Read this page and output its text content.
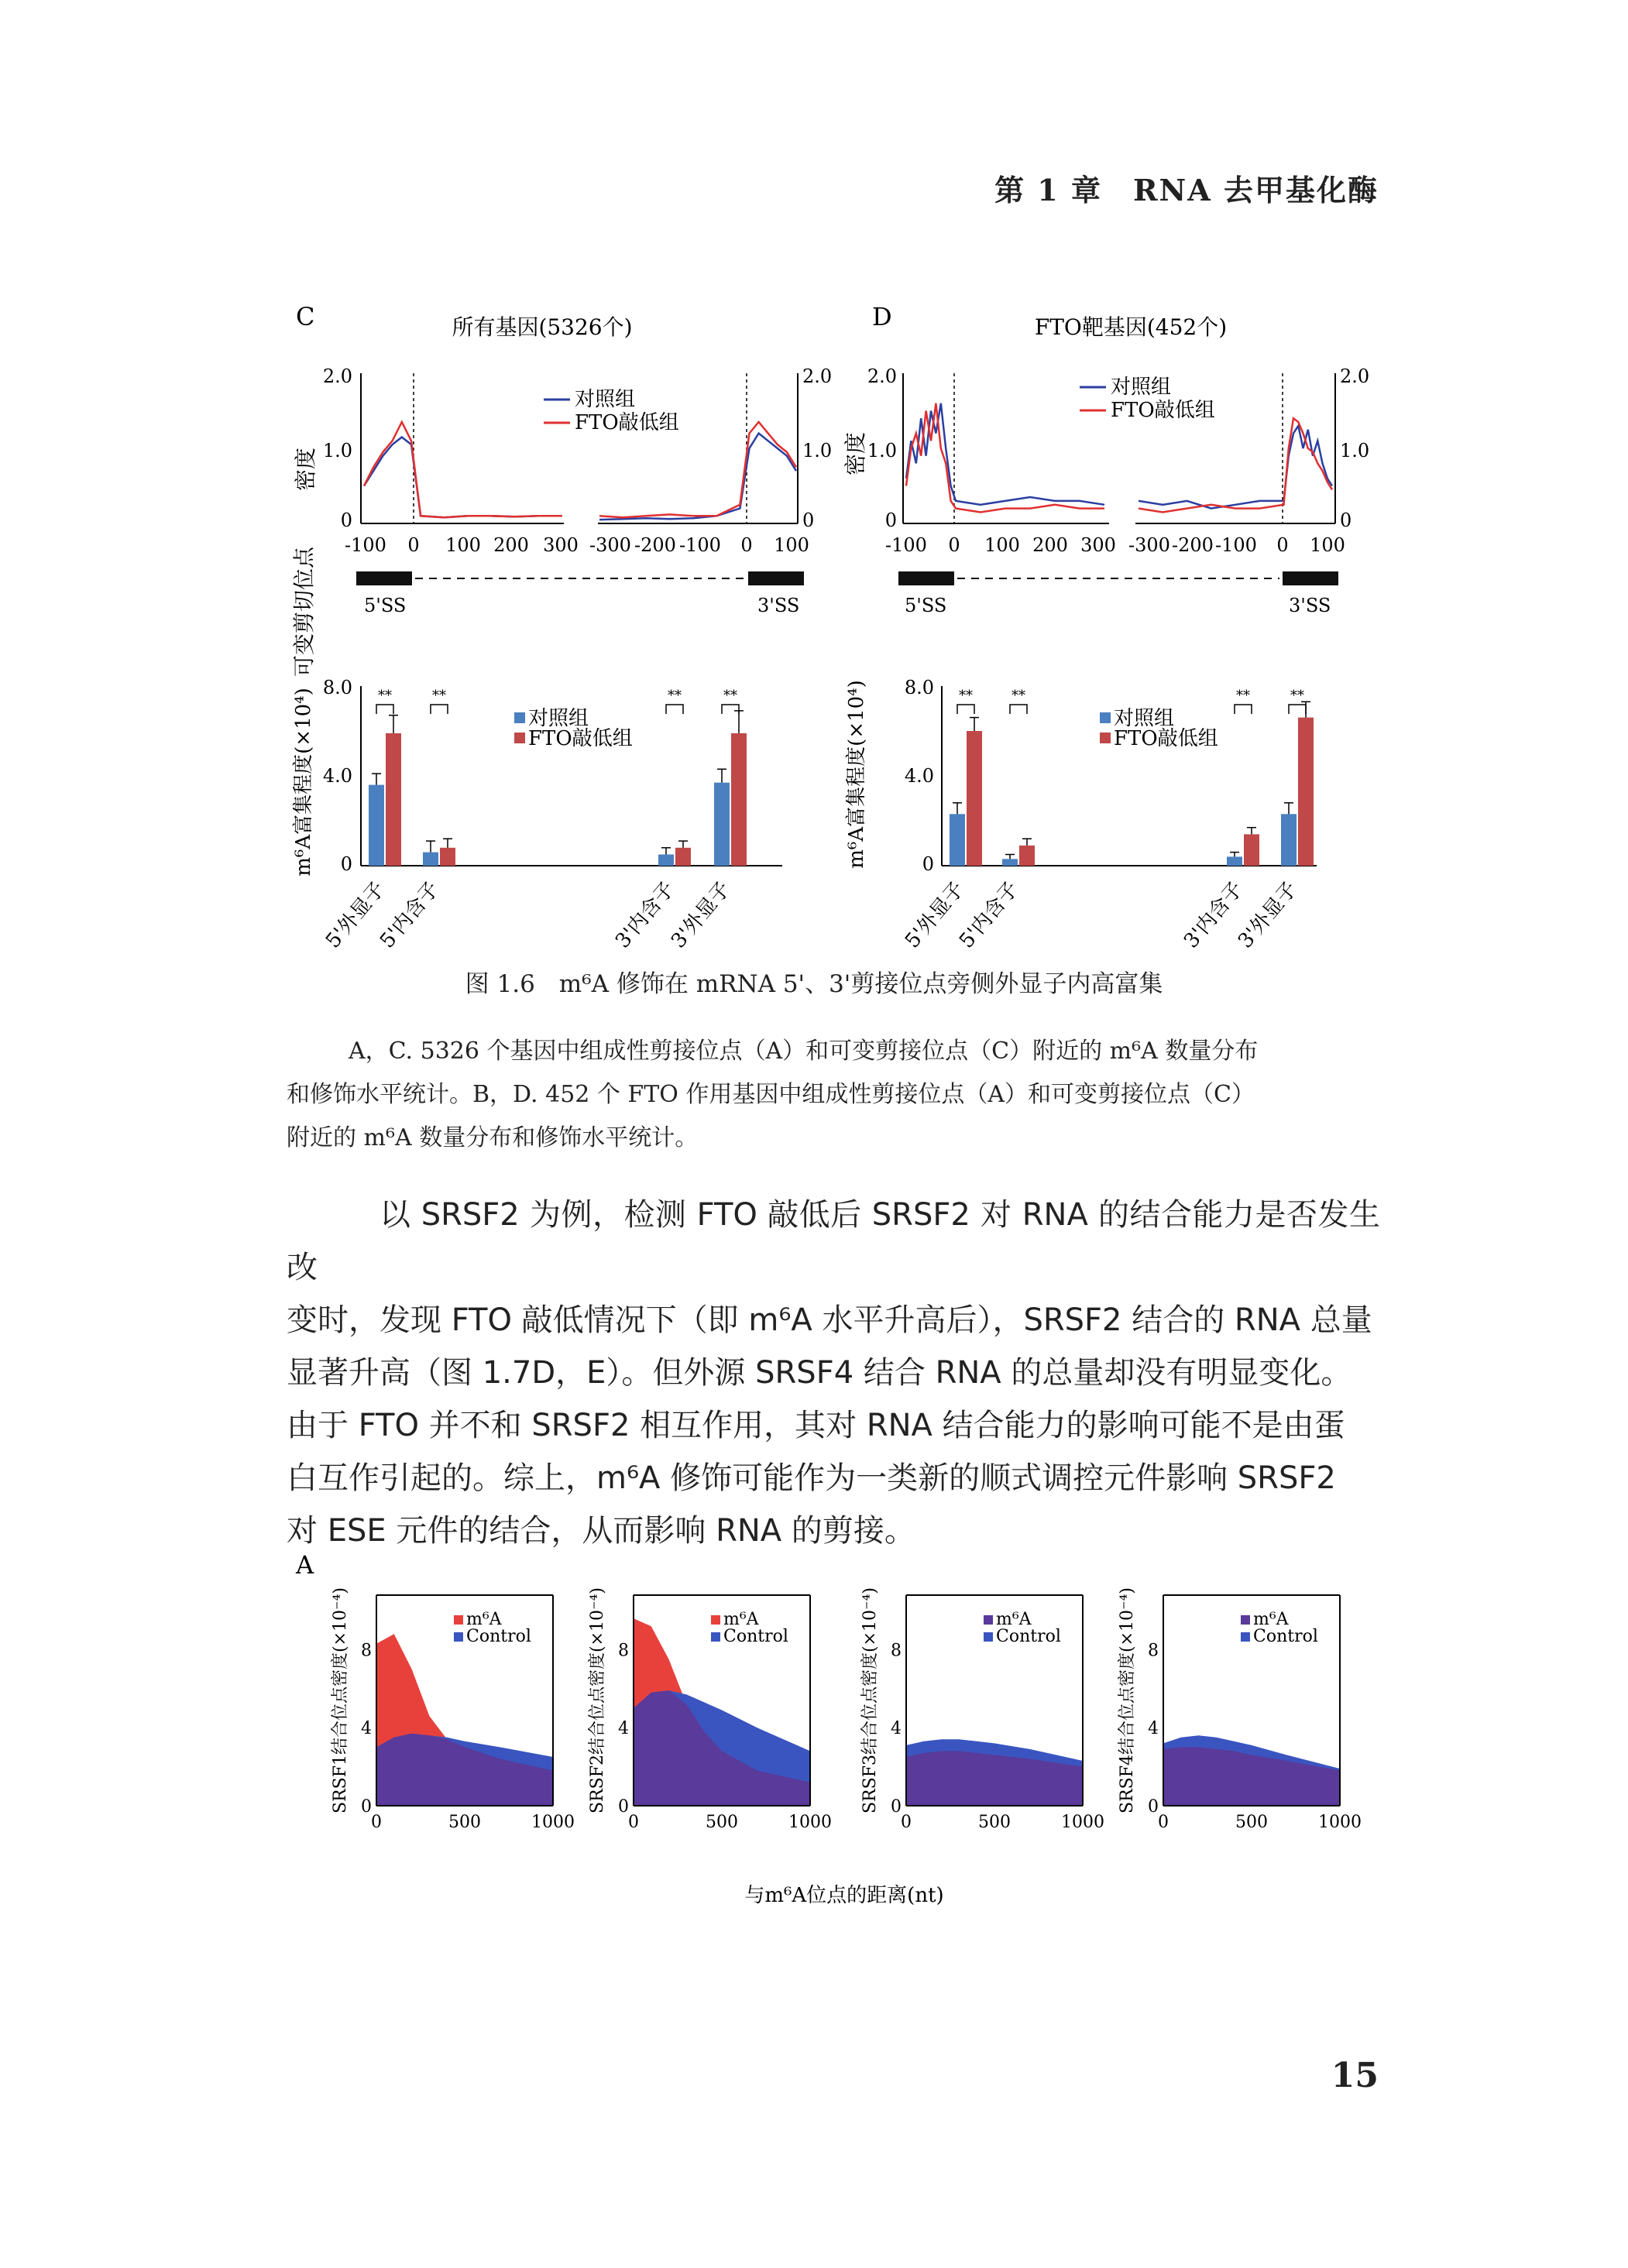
第 1 章　RNA 去甲基化酶
C	所有基因(5326个)
密度
可变剪切位点
2.0
1.0
0
2.0
1.0
0
-100 0 100 200 300 -300 -200 -100 0 100
对照组
FTO敲低组
5'SS	3'SS
m⁶A富集程度(×10⁴)
8.0
4.0
0
**	**	**	**
对照组
FTO敲低组
5'外显子
5'内含子	3'内含子
3'外显子
D	FTO靶基因(452个)
密度
2.0
1.0
0
2.0
1.0
0
-100 0 100 200 300 -300 -200 -100 0 100
对照组
FTO敲低组
5'SS	3'SS
m⁶A富集程度(×10⁴) 8.0
4.0
0
**	**	**	**
对照组
FTO敲低组
5'外显子
5'内含子	3'内含子
3'外显子
A
0
4
8
0	500	1000
SRSF1结合位点密度(×10⁻⁴)	m⁶A
Control
0
4
8
0	500	1000
SRSF2结合位点密度(×10⁻⁴)	m⁶A
Control
0
4
8
0	500	1000
SRSF3结合位点密度(×10⁻⁴)	m⁶A
Control
0
4
8
0	500	1000
SRSF4结合位点密度(×10⁻⁴)	m⁶A
Control
与m⁶A位点的距离(nt)
图 1.6　m⁶A 修饰在 mRNA 5'、3'剪接位点旁侧外显子内高富集

A，C. 5326 个基因中组成性剪接位点（A）和可变剪接位点（C）附近的 m⁶A 数量分布

和修饰水平统计。B，D. 452 个 FTO 作用基因中组成性剪接位点（A）和可变剪接位点（C）

附近的 m⁶A 数量分布和修饰水平统计。

以 SRSF2 为例，检测 FTO 敲低后 SRSF2 对 RNA 的结合能力是否发生改

变时，发现 FTO 敲低情况下（即 m⁶A 水平升高后），SRSF2 结合的 RNA 总量

显著升高（图 1.7D，E）。但外源 SRSF4 结合 RNA 的总量却没有明显变化。

由于 FTO 并不和 SRSF2 相互作用，其对 RNA 结合能力的影响可能不是由蛋

白互作引起的。综上，m⁶A 修饰可能作为一类新的顺式调控元件影响 SRSF2

对 ESE 元件的结合，从而影响 RNA 的剪接。

15
